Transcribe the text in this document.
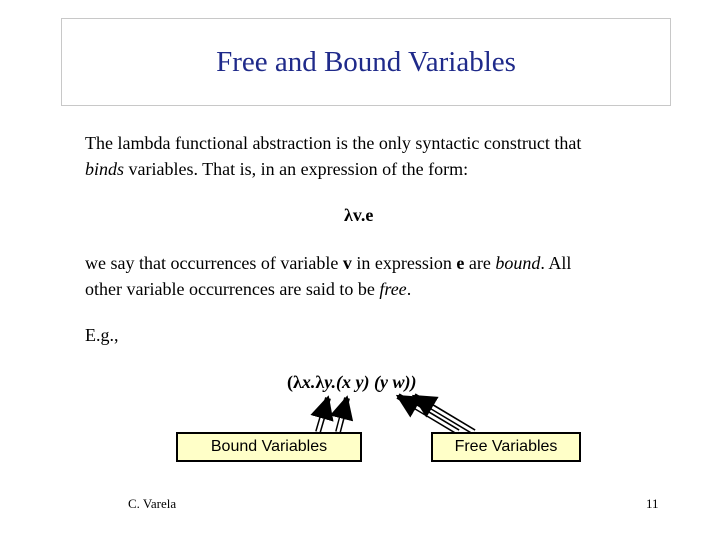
Free and Bound Variables
The lambda functional abstraction is the only syntactic construct that
binds variables. That is, in an expression of the form:
λv.e
we say that occurrences of variable v in expression e are bound. All
other variable occurrences are said to be free.
E.g.,
(λx.λy.(x y) (y w))
Bound Variables	Free Variables
C. Varela	11
